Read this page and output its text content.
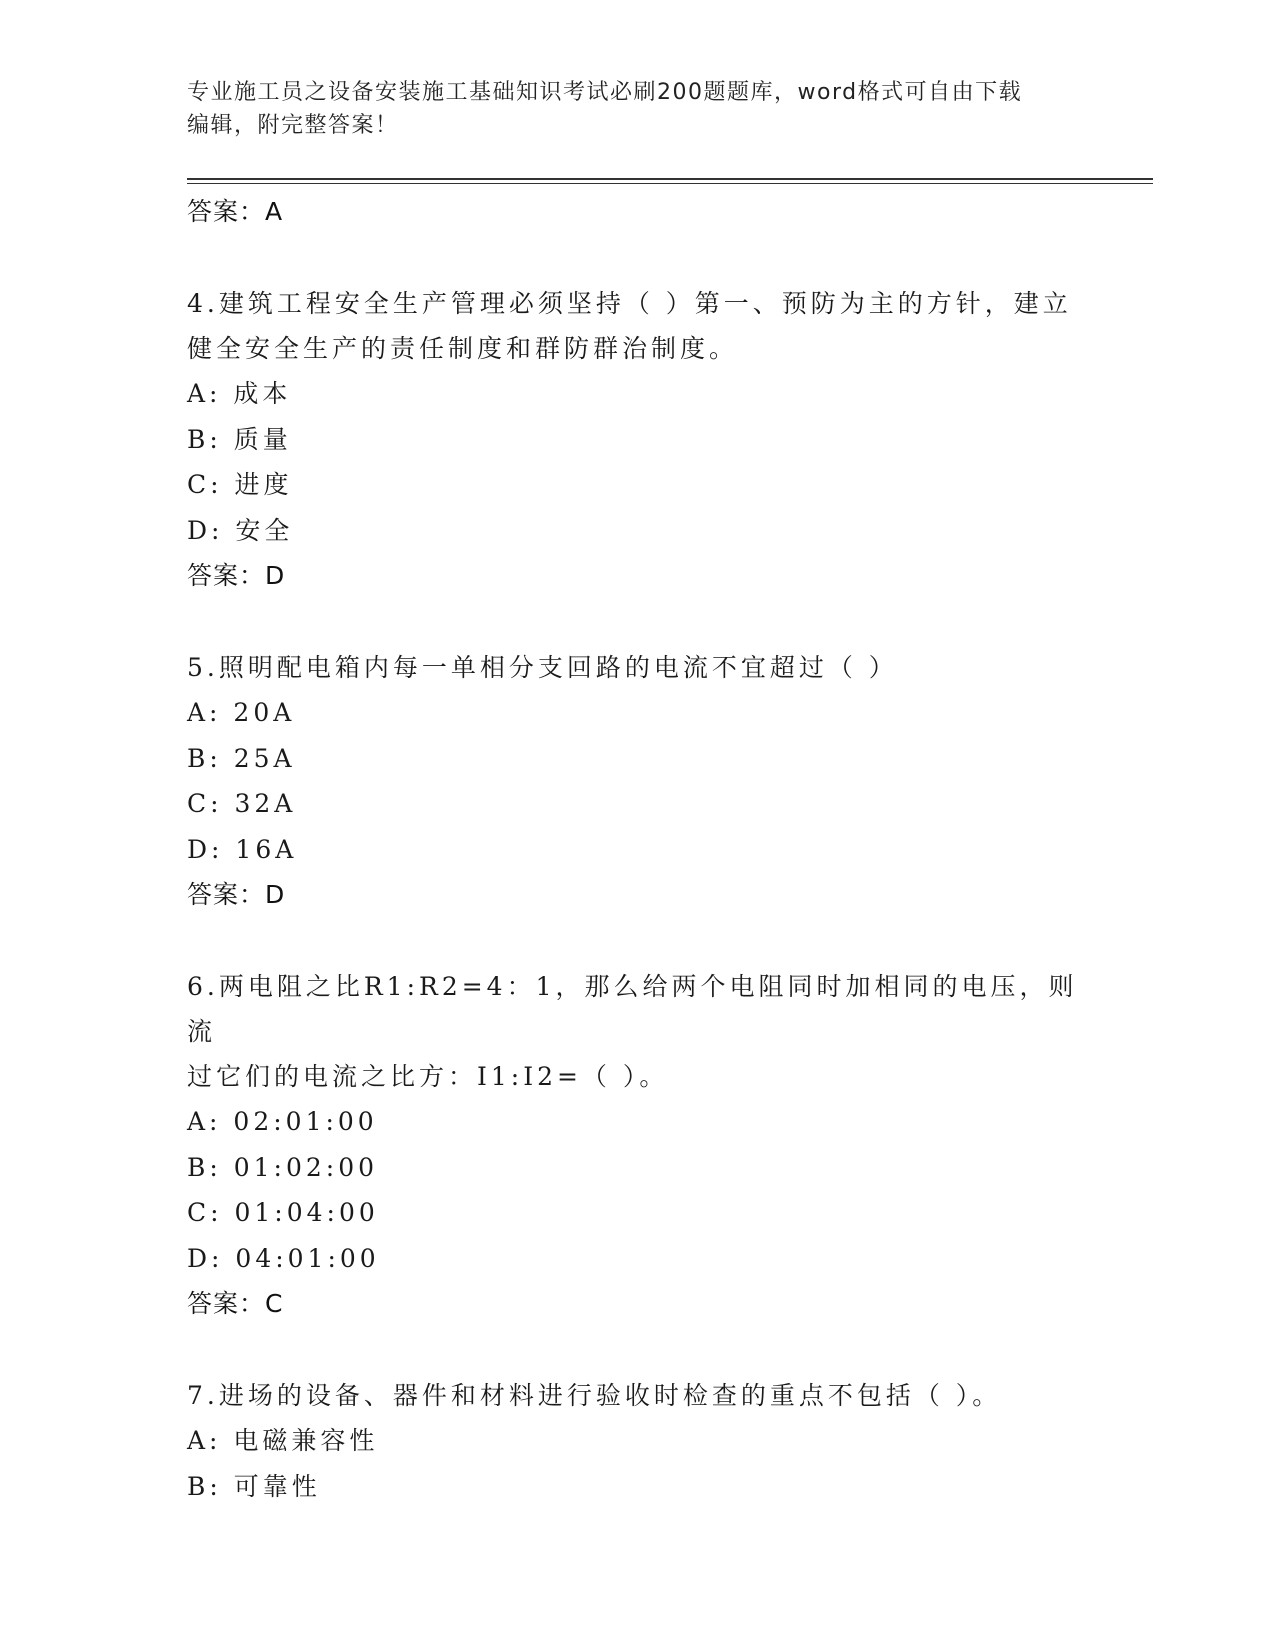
专业施工员之设备安装施工基础知识考试必刷200题题库，word格式可自由下载
编辑，附完整答案！
答案：A
4.建筑工程安全生产管理必须坚持（ ）第一、预防为主的方针，建立
健全安全生产的责任制度和群防群治制度。
A: 成本
B: 质量
C: 进度
D: 安全
答案：D
5.照明配电箱内每一单相分支回路的电流不宜超过（ ）
A: 20A
B: 25A
C: 32A
D: 16A
答案：D
6.两电阻之比R1:R2=4：1，那么给两个电阻同时加相同的电压，则流
过它们的电流之比方：I1:I2=（ ）。
A: 02:01:00
B: 01:02:00
C: 01:04:00
D: 04:01:00
答案：C
7.进场的设备、器件和材料进行验收时检查的重点不包括（ ）。
A: 电磁兼容性
B: 可靠性
